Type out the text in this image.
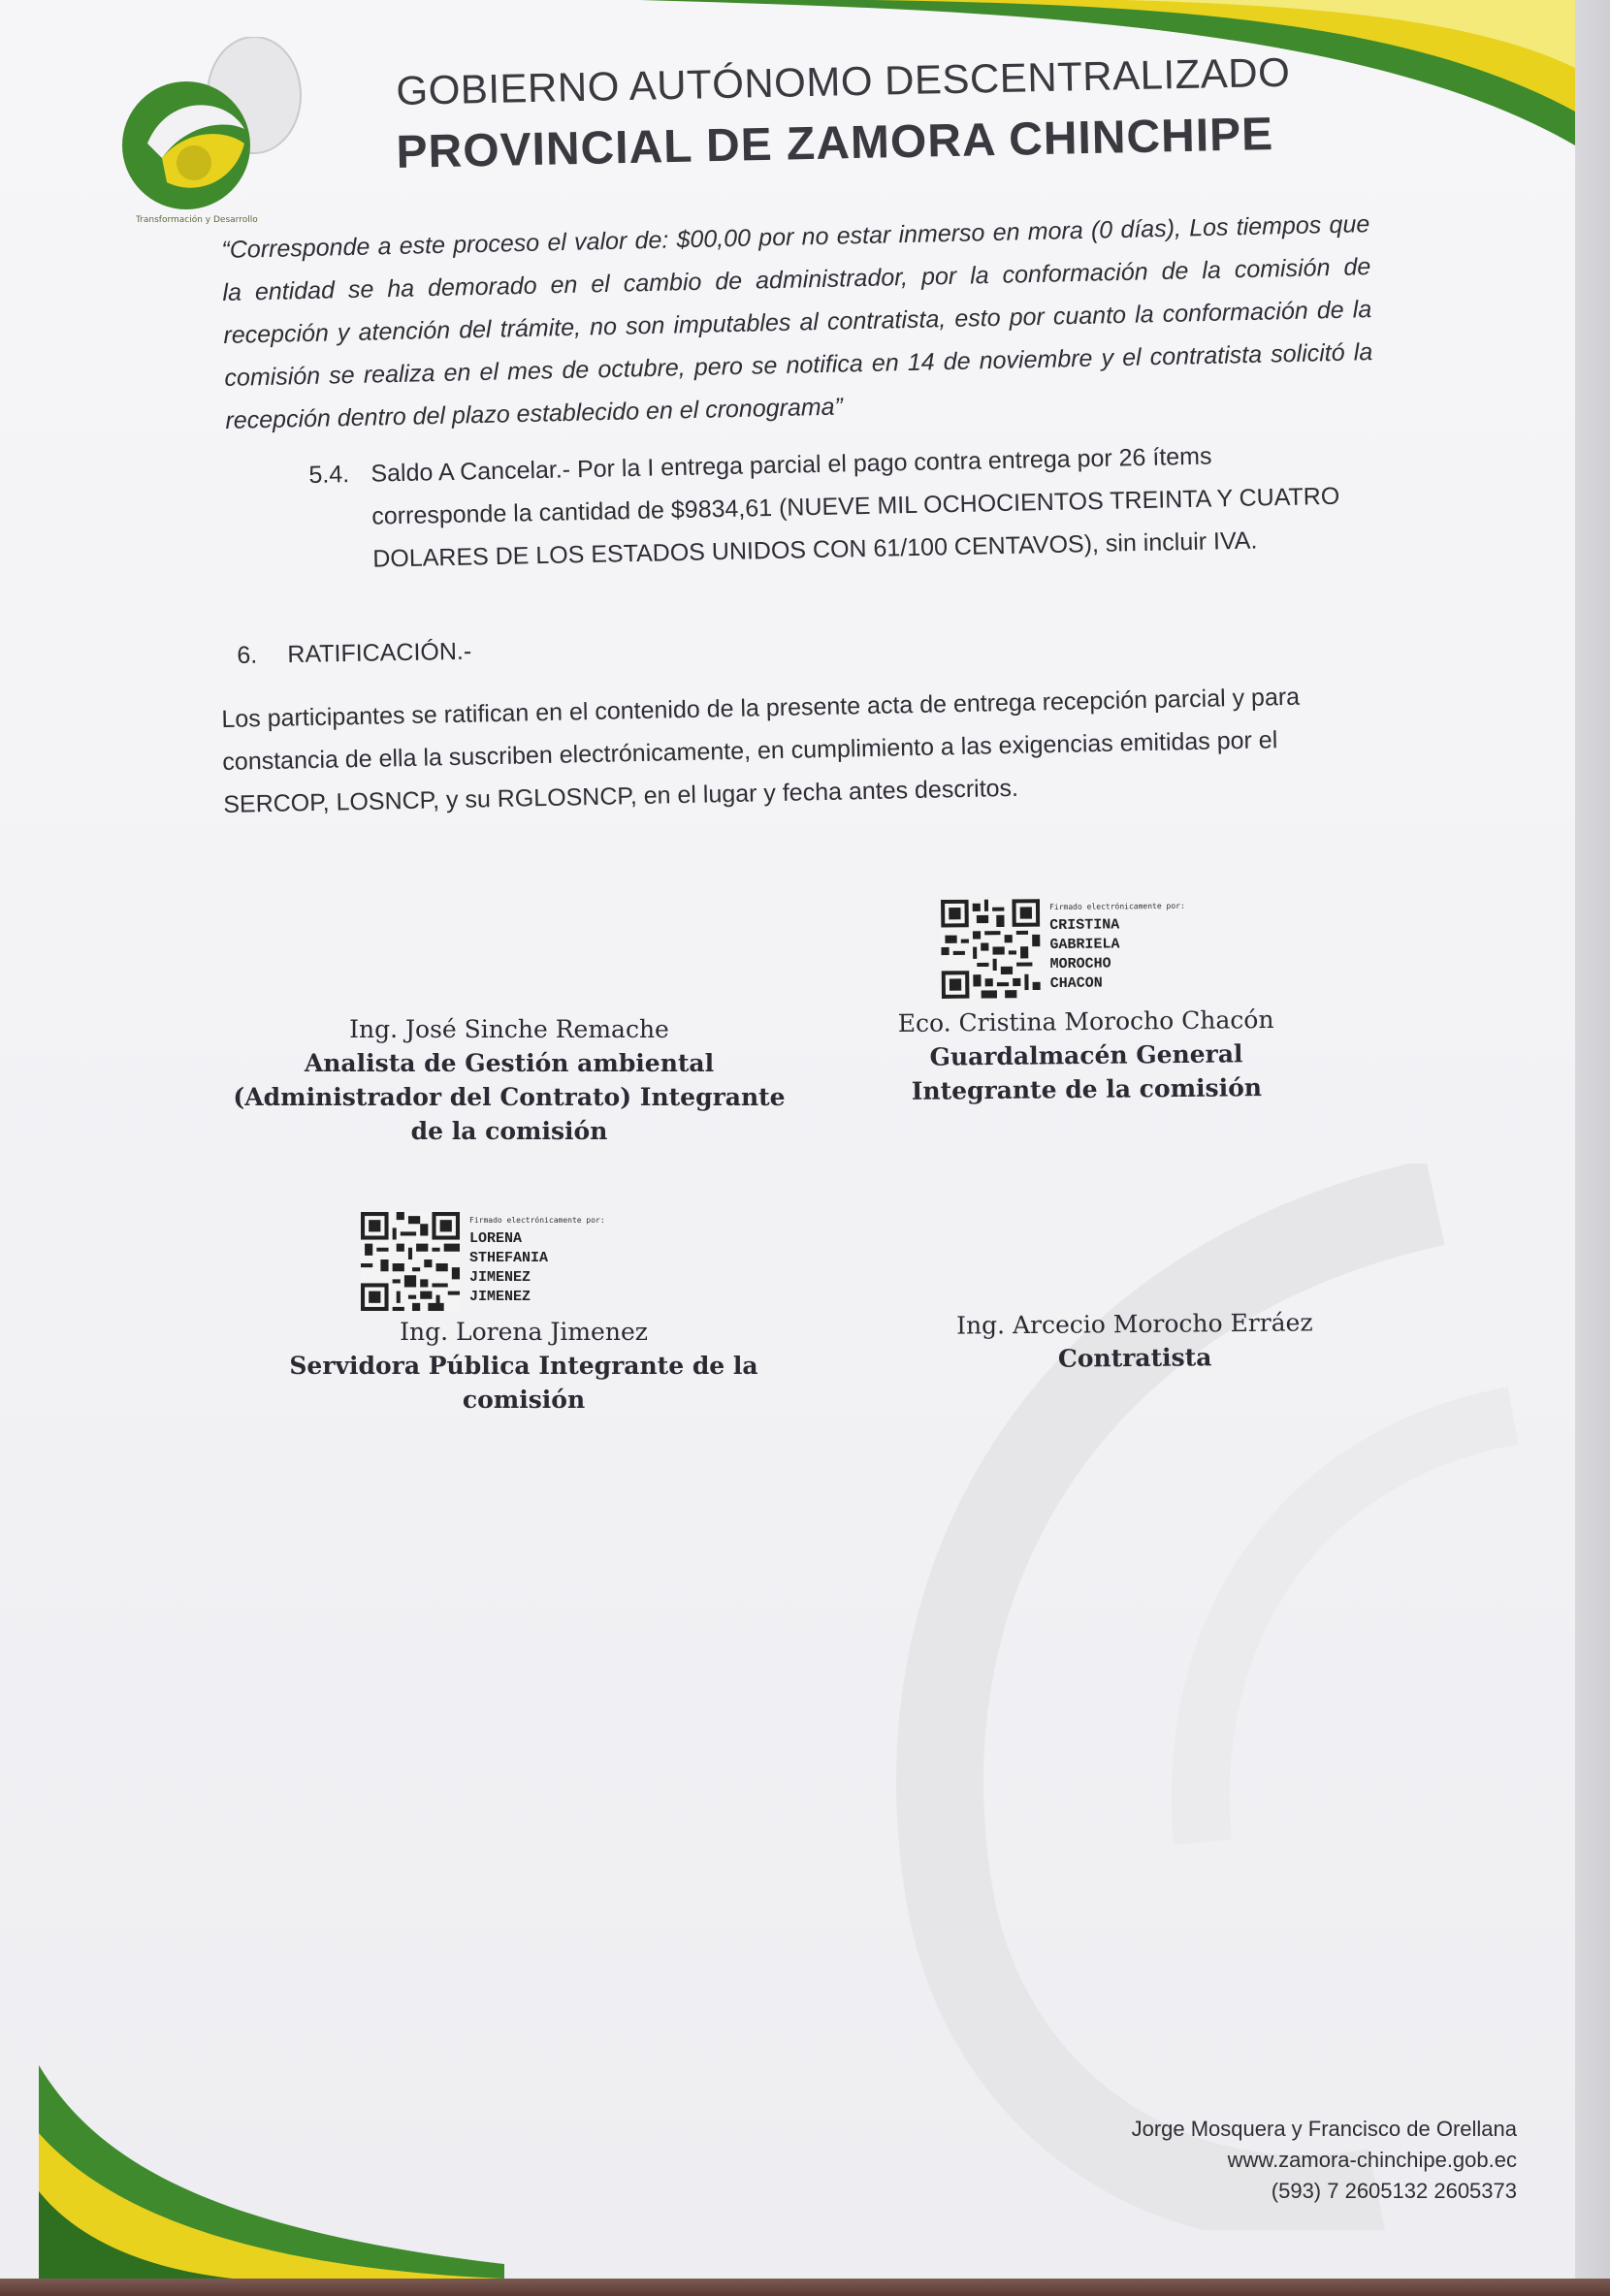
Transformación y Desarrollo
GOBIERNO AUTÓNOMO DESCENTRALIZADO
PROVINCIAL DE ZAMORA CHINCHIPE
“Corresponde a este proceso el valor de: $00,00 por no estar inmerso en mora (0 días), Los tiempos que la entidad se ha demorado en el cambio de administrador, por la conformación de la comisión de recepción y atención del trámite, no son imputables al contratista, esto por cuanto la conformación de la comisión se realiza en el mes de octubre, pero se notifica en 14 de noviembre y el contratista solicitó la recepción dentro del plazo establecido en el cronograma”
5.4. Saldo A Cancelar.- Por la I entrega parcial el pago contra entrega por 26 ítems
corresponde la cantidad de $9834,61 (NUEVE MIL OCHOCIENTOS TREINTA Y CUATRO DOLARES DE LOS ESTADOS UNIDOS CON 61/100 CENTAVOS), sin incluir IVA.
6. RATIFICACIÓN.-
Los participantes se ratifican en el contenido de la presente acta de entrega recepción parcial y para constancia de ella la suscriben electrónicamente, en cumplimiento a las exigencias emitidas por el SERCOP, LOSNCP, y su RGLOSNCP, en el lugar y fecha antes descritos.
Firmado electrónicamente por:
CRISTINA
GABRIELA MOROCHO
CHACON
Ing. José Sinche Remache
Analista de Gestión ambiental (Administrador del Contrato) Integrante de la comisión
Eco. Cristina Morocho Chacón
Guardalmacén General Integrante de la comisión
Firmado electrónicamente por:
LORENA
STHEFANIA
JIMENEZ JIMENEZ
Ing. Lorena Jimenez
Servidora Pública Integrante de la comisión
Ing. Arcecio Morocho Erráez
Contratista
Jorge Mosquera y Francisco de Orellana
www.zamora-chinchipe.gob.ec
(593) 7 2605132 2605373
